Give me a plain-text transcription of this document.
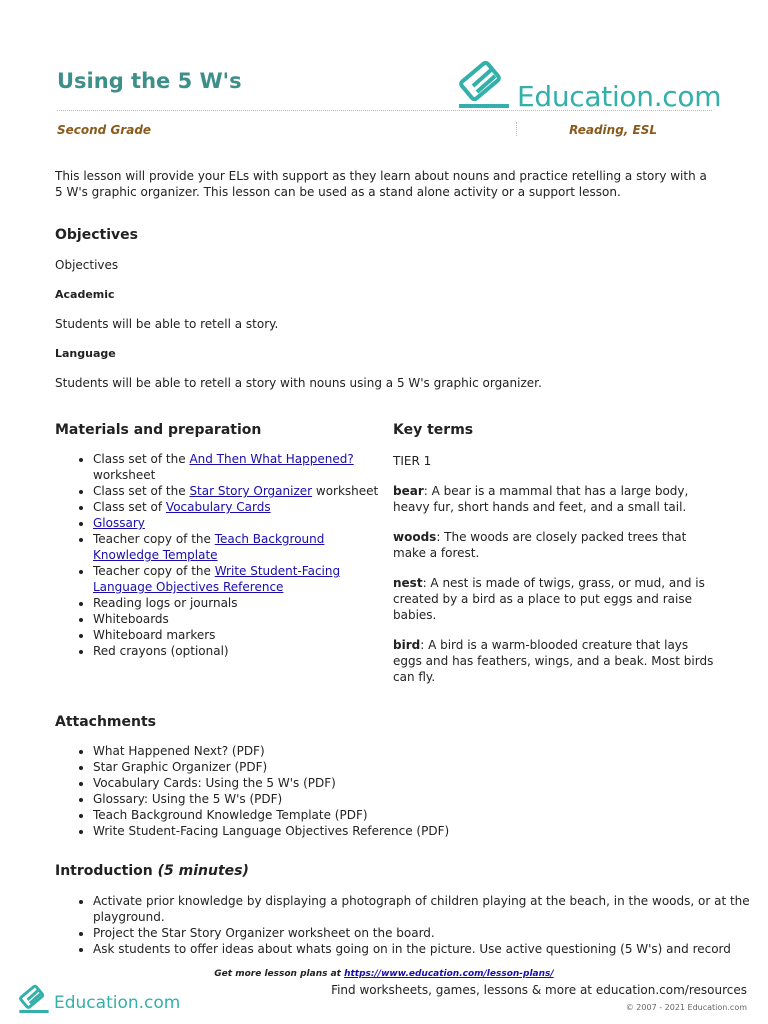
Using the 5 W's	Education.com
Second Grade	Reading, ESL

This lesson will provide your ELs with support as they learn about nouns and practice retelling a story with a 5 W's graphic organizer. This lesson can be used as a stand alone activity or a support lesson.

Objectives
Objectives
Academic
Students will be able to retell a story.
Language
Students will be able to retell a story with nouns using a 5 W's graphic organizer.
Materials and preparation
• Class set of the And Then What Happened? worksheet
• Class set of the Star Story Organizer worksheet
• Class set of Vocabulary Cards
• Glossary
• Teacher copy of the Teach Background Knowledge Template
• Teacher copy of the Write Student-Facing Language Objectives Reference
• Reading logs or journals
• Whiteboards
• Whiteboard markers
• Red crayons (optional)
Key terms
TIER 1

bear: A bear is a mammal that has a large body, heavy fur, short hands and feet, and a small tail.

woods: The woods are closely packed trees that make a forest.

nest: A nest is made of twigs, grass, or mud, and is created by a bird as a place to put eggs and raise babies.

bird: A bird is a warm-blooded creature that lays eggs and has feathers, wings, and a beak. Most birds can fly.

Attachments
• What Happened Next? (PDF)
• Star Graphic Organizer (PDF)
• Vocabulary Cards: Using the 5 W's (PDF)
• Glossary: Using the 5 W's (PDF)
• Teach Background Knowledge Template (PDF)
• Write Student-Facing Language Objectives Reference (PDF)
Introduction (5 minutes)
• Activate prior knowledge by displaying a photograph of children playing at the beach, in the woods, or at the playground.
• Project the Star Story Organizer worksheet on the board.
• Ask students to offer ideas about whats going on in the picture. Use active questioning (5 W's) and record
Get more lesson plans at https://www.education.com/lesson-plans/
Education.com
Find worksheets, games, lessons & more at education.com/resources
© 2007 - 2021 Education.com
